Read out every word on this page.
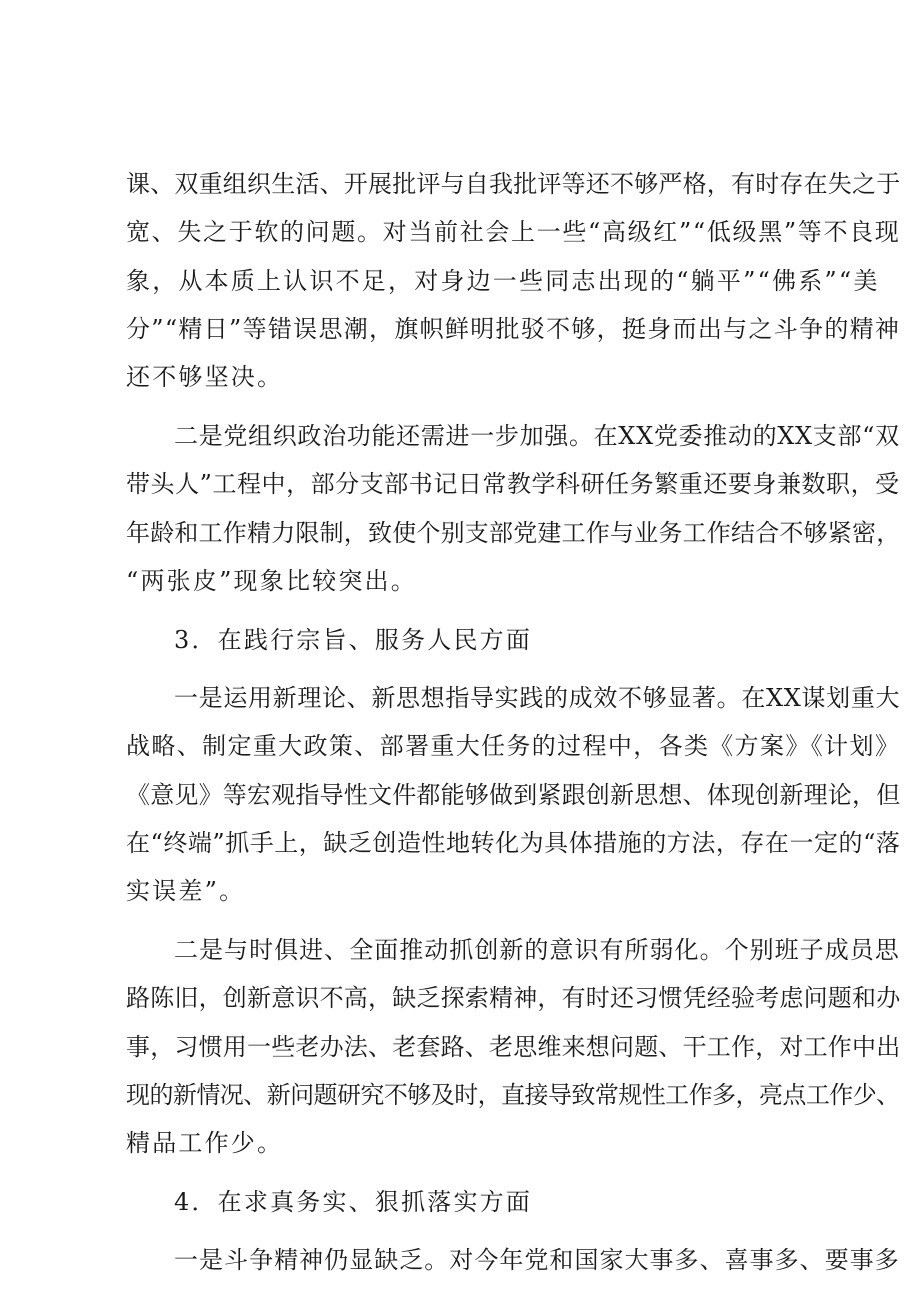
课、双重组织生活、开展批评与自我批评等还不够严格，有时存在失之于

宽、失之于软的问题。对当前社会上一些“高级红”“低级黑”等不良现

象，从本质上认识不足，对身边一些同志出现的“躺平”“佛系”“美

分”“精日”等错误思潮，旗帜鲜明批驳不够，挺身而出与之斗争的精神

还不够坚决。

二是党组织政治功能还需进一步加强。在XX党委推动的XX支部“双

带头人”工程中，部分支部书记日常教学科研任务繁重还要身兼数职，受

年龄和工作精力限制，致使个别支部党建工作与业务工作结合不够紧密，

“两张皮”现象比较突出。

3．在践行宗旨、服务人民方面

一是运用新理论、新思想指导实践的成效不够显著。在XX谋划重大

战略、制定重大政策、部署重大任务的过程中，各类《方案》《计划》

《意见》等宏观指导性文件都能够做到紧跟创新思想、体现创新理论，但

在“终端”抓手上，缺乏创造性地转化为具体措施的方法，存在一定的“落

实误差”。

二是与时俱进、全面推动抓创新的意识有所弱化。个别班子成员思

路陈旧，创新意识不高，缺乏探索精神，有时还习惯凭经验考虑问题和办

事，习惯用一些老办法、老套路、老思维来想问题、干工作，对工作中出

现的新情况、新问题研究不够及时，直接导致常规性工作多，亮点工作少、

精品工作少。

4．在求真务实、狠抓落实方面

一是斗争精神仍显缺乏。对今年党和国家大事多、喜事多、要事多
